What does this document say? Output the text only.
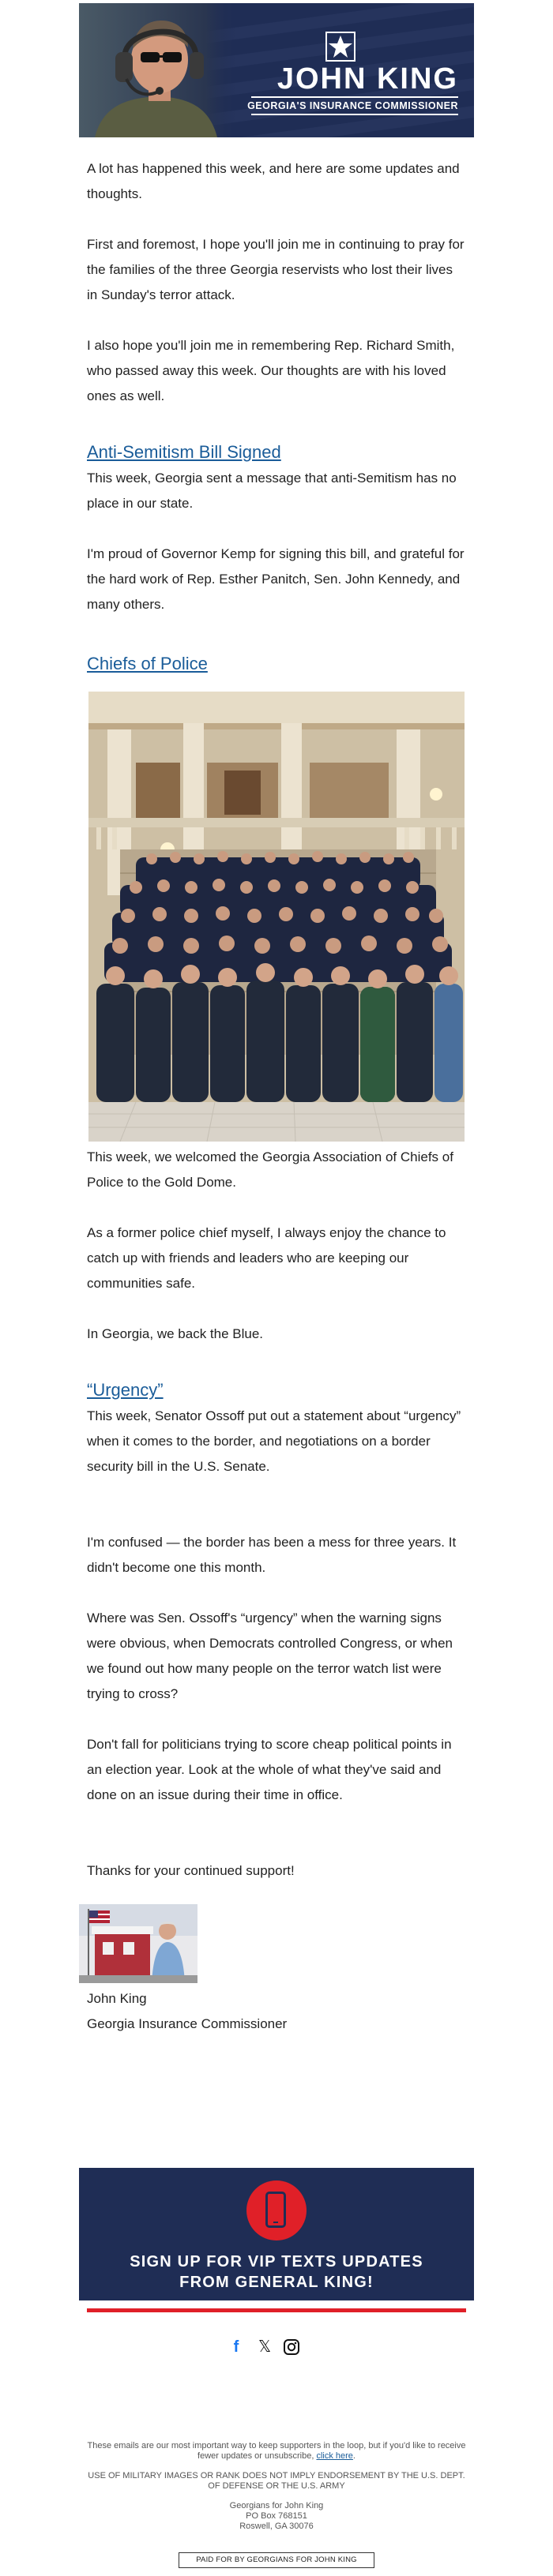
JOHN KING
GEORGIA'S INSURANCE COMMISSIONER

A lot has happened this week, and here are some updates and thoughts.

First and foremost, I hope you'll join me in continuing to pray for the families of the three Georgia reservists who lost their lives in Sunday's terror attack.

I also hope you'll join me in remembering Rep. Richard Smith, who passed away this week. Our thoughts are with his loved ones as well.

Anti-Semitism Bill Signed

This week, Georgia sent a message that anti-Semitism has no place in our state.

I'm proud of Governor Kemp for signing this bill, and grateful for the hard work of Rep. Esther Panitch, Sen. John Kennedy, and many others.

Chiefs of Police

This week, we welcomed the Georgia Association of Chiefs of Police to the Gold Dome.

As a former police chief myself, I always enjoy the chance to catch up with friends and leaders who are keeping our communities safe.

In Georgia, we back the Blue.

“Urgency”

This week, Senator Ossoff put out a statement about “urgency” when it comes to the border, and negotiations on a border security bill in the U.S. Senate.

I'm confused — the border has been a mess for three years. It didn't become one this month.

Where was Sen. Ossoff's “urgency” when the warning signs were obvious, when Democrats controlled Congress, or when we found out how many people on the terror watch list were trying to cross?

Don't fall for politicians trying to score cheap political points in an election year. Look at the whole of what they've said and done on an issue during their time in office.

Thanks for your continued support!

John King

Georgia Insurance Commissioner

SIGN UP FOR VIP TEXTS UPDATES
FROM GENERAL KING!
f	𝕏

These emails are our most important way to keep supporters in the loop, but if you'd like to receive fewer updates or unsubscribe, click here.

USE OF MILITARY IMAGES OR RANK DOES NOT IMPLY ENDORSEMENT BY THE U.S. DEPT. OF DEFENSE OR THE U.S. ARMY

Georgians for John King

PO Box 768151

Roswell, GA 30076

PAID FOR BY GEORGIANS FOR JOHN KING
